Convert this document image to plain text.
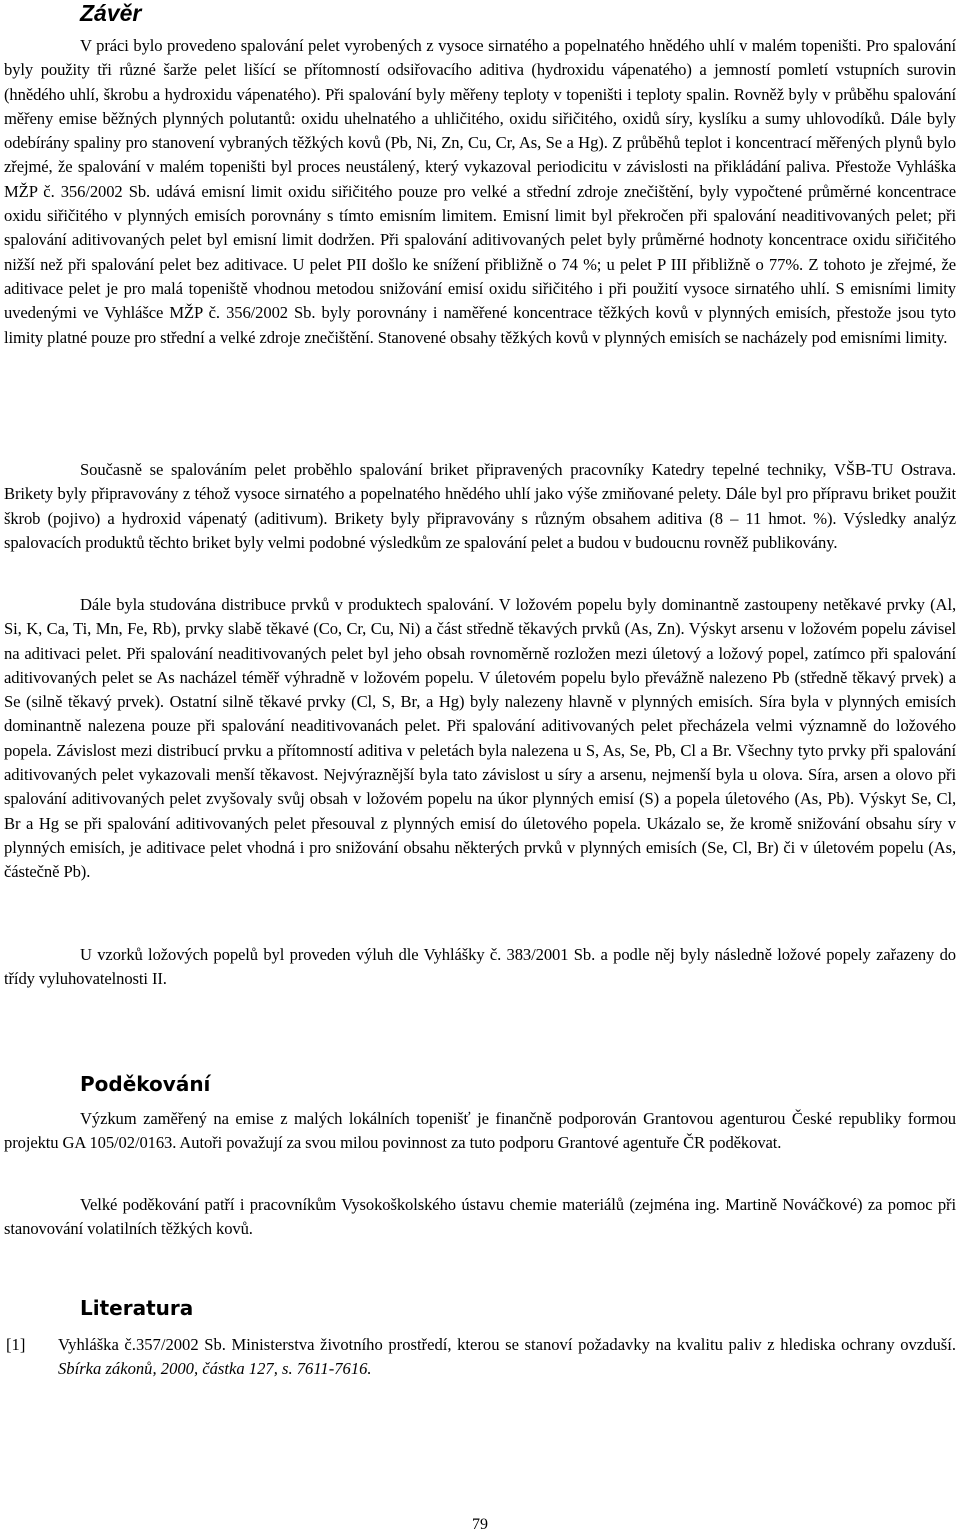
Závěr

V práci bylo provedeno spalování pelet vyrobených z vysoce sirnatého a popelnatého hnědého uhlí v malém topeništi. Pro spalování byly použity tři různé šarže pelet lišící se přítomností odsiřovacího aditiva (hydroxidu vápenatého) a jemností pomletí vstupních surovin (hnědého uhlí, škrobu a hydroxidu vápenatého). Při spalování byly měřeny teploty v topeništi i teploty spalin. Rovněž byly v průběhu spalování měřeny emise běžných plynných polutantů: oxidu uhelnatého a uhličitého, oxidu siřičitého, oxidů síry, kyslíku a sumy uhlovodíků. Dále byly odebírány spaliny pro stanovení vybraných těžkých kovů (Pb, Ni, Zn, Cu, Cr, As, Se a Hg). Z průběhů teplot i koncentrací měřených plynů bylo zřejmé, že spalování v malém topeništi byl proces neustálený, který vykazoval periodicitu v závislosti na přikládání paliva. Přestože Vyhláška MŽP č. 356/2002 Sb. udává emisní limit oxidu siřičitého pouze pro velké a střední zdroje znečištění, byly vypočtené průměrné koncentrace oxidu siřičitého v plynných emisích porovnány s tímto emisním limitem. Emisní limit byl překročen při spalování neaditivovaných pelet; při spalování aditivovaných pelet byl emisní limit dodržen. Při spalování aditivovaných pelet byly průměrné hodnoty koncentrace oxidu siřičitého nižší než při spalování pelet bez aditivace. U pelet PII došlo ke snížení přibližně o 74 %; u pelet P III přibližně o 77%. Z tohoto je zřejmé, že aditivace pelet je pro malá topeniště vhodnou metodou snižování emisí oxidu siřičitého i při použití vysoce sirnatého uhlí. S emisními limity uvedenými ve Vyhlášce MŽP č. 356/2002 Sb. byly porovnány i naměřené koncentrace těžkých kovů v plynných emisích, přestože jsou tyto limity platné pouze pro střední a velké zdroje znečištění. Stanovené obsahy těžkých kovů v plynných emisích se nacházely pod emisními limity.

Současně se spalováním pelet proběhlo spalování briket připravených pracovníky Katedry tepelné techniky, VŠB-TU Ostrava. Brikety byly připravovány z téhož vysoce sirnatého a popelnatého hnědého uhlí jako výše zmiňované pelety. Dále byl pro přípravu briket použit škrob (pojivo) a hydroxid vápenatý (aditivum). Brikety byly připravovány s různým obsahem aditiva (8 – 11 hmot. %). Výsledky analýz spalovacích produktů těchto briket byly velmi podobné výsledkům ze spalování pelet a budou v budoucnu rovněž publikovány.

Dále byla studována distribuce prvků v produktech spalování. V ložovém popelu byly dominantně zastoupeny netěkavé prvky (Al, Si, K, Ca, Ti, Mn, Fe, Rb), prvky slabě těkavé (Co, Cr, Cu, Ni) a část středně těkavých prvků (As, Zn). Výskyt arsenu v ložovém popelu závisel na aditivaci pelet. Při spalování neaditivovaných pelet byl jeho obsah rovnoměrně rozložen mezi úletový a ložový popel, zatímco při spalování aditivovaných pelet se As nacházel téměř výhradně v ložovém popelu. V úletovém popelu bylo převážně nalezeno Pb (středně těkavý prvek) a Se (silně těkavý prvek). Ostatní silně těkavé prvky (Cl, S, Br, a Hg) byly nalezeny hlavně v plynných emisích. Síra byla v plynných emisích dominantně nalezena pouze při spalování neaditivovanách pelet. Při spalování aditivovaných pelet přecházela velmi významně do ložového popela. Závislost mezi distribucí prvku a přítomností aditiva v peletách byla nalezena u S, As, Se, Pb, Cl a Br. Všechny tyto prvky při spalování aditivovaných pelet vykazovali menší těkavost. Nejvýraznější byla tato závislost u síry a arsenu, nejmenší byla u olova. Síra, arsen a olovo při spalování aditivovaných pelet zvyšovaly svůj obsah v ložovém popelu na úkor plynných emisí (S) a popela úletového (As, Pb). Výskyt Se, Cl, Br a Hg se při spalování aditivovaných pelet přesouval z plynných emisí do úletového popela. Ukázalo se, že kromě snižování obsahu síry v plynných emisích, je aditivace pelet vhodná i pro snižování obsahu některých prvků v plynných emisích (Se, Cl, Br) či v úletovém popelu (As, částečně Pb).

U vzorků ložových popelů byl proveden výluh dle Vyhlášky č. 383/2001 Sb. a podle něj byly následně ložové popely zařazeny do třídy vyluhovatelnosti II.

Poděkování

Výzkum zaměřený na emise z malých lokálních topenišť je finančně podporován Grantovou agenturou České republiky formou projektu GA 105/02/0163. Autoři považují za svou milou povinnost za tuto podporu Grantové agentuře ČR poděkovat.

Velké poděkování patří i pracovníkům Vysokoškolského ústavu chemie materiálů (zejména ing. Martině Nováčkové) za pomoc při stanovování volatilních těžkých kovů.

Literatura
[1] Vyhláška č.357/2002 Sb. Ministerstva životního prostředí, kterou se stanoví požadavky na kvalitu paliv z hlediska ochrany ovzduší. Sbírka zákonů, 2000, částka 127, s. 7611-7616.
79
